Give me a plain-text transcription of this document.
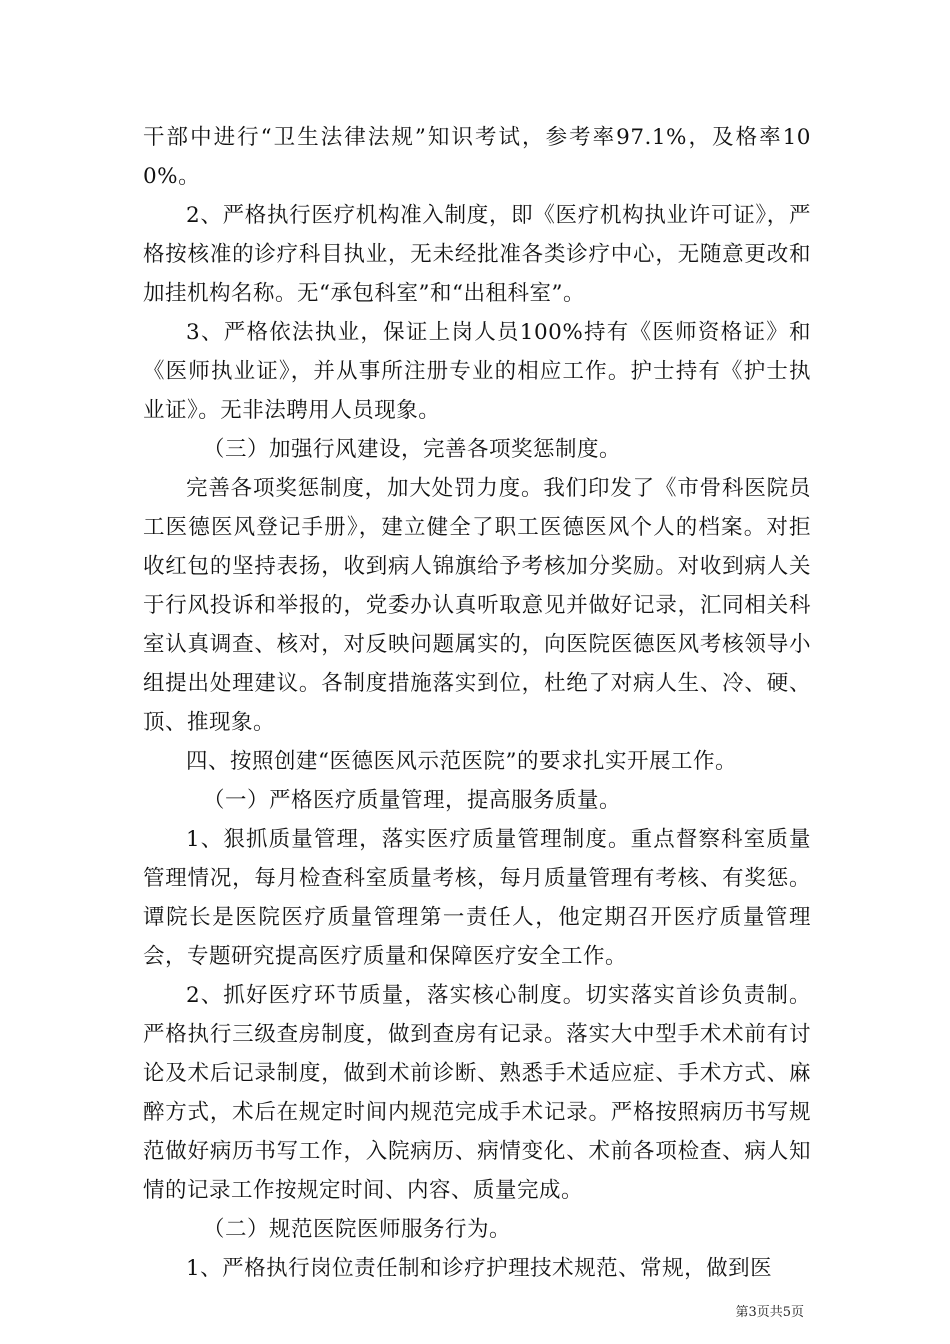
干部中进行“卫生法律法规”知识考试，参考率97.1%，及格率100%。

2、严格执行医疗机构准入制度，即《医疗机构执业许可证》，严格按核准的诊疗科目执业，无未经批准各类诊疗中心，无随意更改和加挂机构名称。无“承包科室”和“出租科室”。

3、严格依法执业，保证上岗人员100%持有《医师资格证》和《医师执业证》，并从事所注册专业的相应工作。护士持有《护士执业证》。无非法聘用人员现象。

（三）加强行风建设，完善各项奖惩制度。

完善各项奖惩制度，加大处罚力度。我们印发了《市骨科医院员工医德医风登记手册》，建立健全了职工医德医风个人的档案。对拒收红包的坚持表扬，收到病人锦旗给予考核加分奖励。对收到病人关于行风投诉和举报的，党委办认真听取意见并做好记录，汇同相关科室认真调查、核对，对反映问题属实的，向医院医德医风考核领导小组提出处理建议。各制度措施落实到位，杜绝了对病人生、冷、硬、顶、推现象。

四、按照创建“医德医风示范医院”的要求扎实开展工作。

（一）严格医疗质量管理，提高服务质量。

1、狠抓质量管理，落实医疗质量管理制度。重点督察科室质量管理情况，每月检查科室质量考核，每月质量管理有考核、有奖惩。谭院长是医院医疗质量管理第一责任人，他定期召开医疗质量管理会，专题研究提高医疗质量和保障医疗安全工作。

2、抓好医疗环节质量，落实核心制度。切实落实首诊负责制。严格执行三级查房制度，做到查房有记录。落实大中型手术术前有讨论及术后记录制度，做到术前诊断、熟悉手术适应症、手术方式、麻醉方式，术后在规定时间内规范完成手术记录。严格按照病历书写规范做好病历书写工作，入院病历、病情变化、术前各项检查、病人知情的记录工作按规定时间、内容、质量完成。

（二）规范医院医师服务行为。

1、严格执行岗位责任制和诊疗护理技术规范、常规，做到医

第3页共5页
